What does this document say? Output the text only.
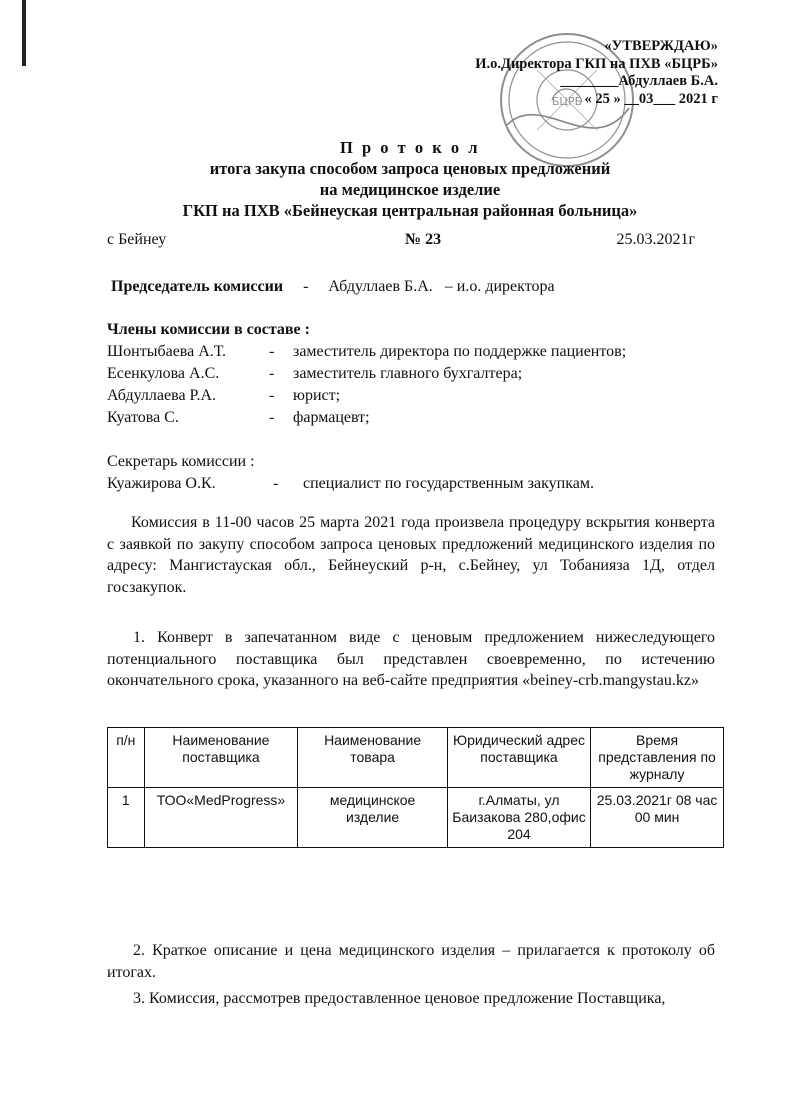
БЦРБ
«УТВЕРЖДАЮ»
И.о.Директора ГКП на ПХВ «БЦРБ»
________Абдуллаев Б.А.
« 25 » __03___ 2021 г
П р о т о к о л
итога закупа способом запроса ценовых предложений
на медицинское изделие
ГКП на ПХВ «Бейнеуская центральная районная больница»
с Бейнеу	№ 23	25.03.2021г
Председатель комиссии - Абдуллаев Б.А. – и.о. директора
Члены комиссии в составе :
Шонтыбаева А.Т.	- заместитель директора по поддержке пациентов;
Есенкулова А.С.	- заместитель главного бухгалтера;
Абдуллаева Р.А.	- юрист;
Куатова С.	- фармацевт;
Секретарь комиссии :
Куажирова О.К.	- специалист по государственным закупкам.
Комиссия в 11-00 часов 25 марта 2021 года произвела процедуру вскрытия конверта с заявкой по закупу способом запроса ценовых предложений медицинского изделия по адресу: Мангистауская обл., Бейнеуский р-н, с.Бейнеу, ул Тобанияза 1Д, отдел госзакупок.
1. Конверт в запечатанном виде с ценовым предложением нижеследующего потенциального поставщика был представлен своевременно, по истечению окончательного срока, указанного на веб-сайте предприятия «beiney-crb.mangystau.kz»
п/н	Наименование поставщика	Наименование товара	Юридический адрес поставщика	Время представления по журналу
1	ТОО«MedProgress»	медицинское изделие	г.Алматы, ул Баизакова 280,офис 204	25.03.2021г 08 час 00 мин
2. Краткое описание и цена медицинского изделия – прилагается к протоколу об итогах.
3. Комиссия, рассмотрев предоставленное ценовое предложение Поставщика,
